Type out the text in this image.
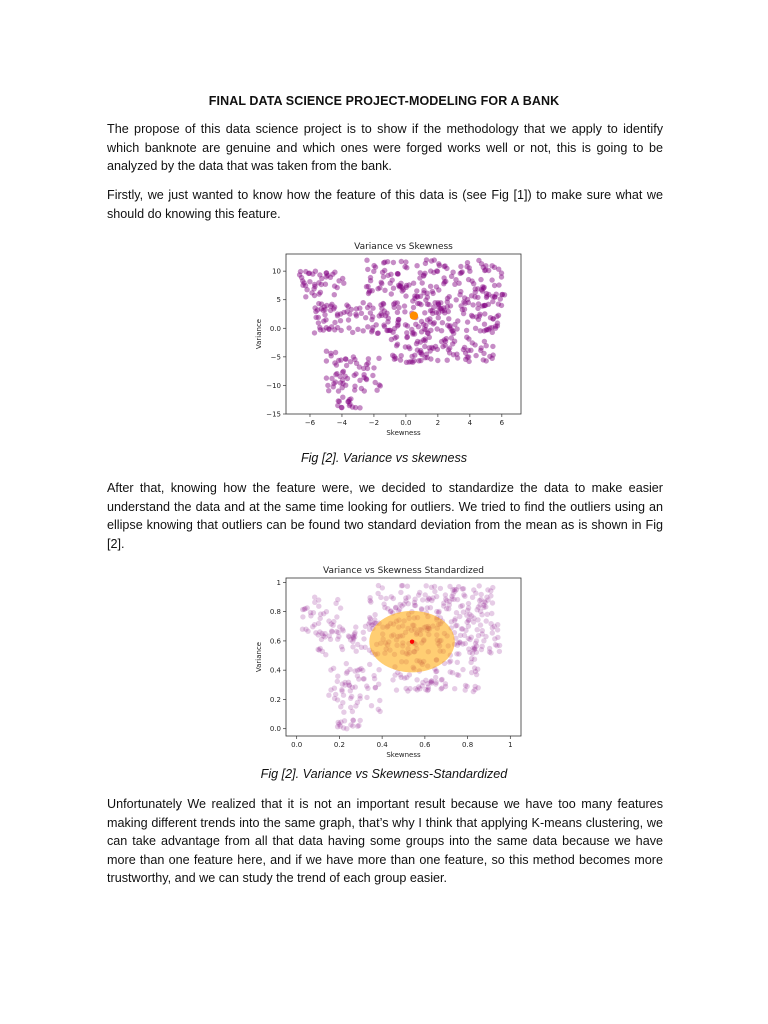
FINAL DATA SCIENCE PROJECT-MODELING FOR A BANK
The propose of this data science project is to show if the methodology that we apply to identify which banknote are genuine and which ones were forged works well or not, this is going to be analyzed by the data that was taken from the bank.
Firstly, we just wanted to know how the feature of this data is (see Fig [1]) to make sure what we should do knowing this feature.
Variance vs Skewness
−6	−4	−2	0.0	2	4	6
−15
−10
−5
0.0
5
10
Skewness
Variance
Fig [2]. Variance vs skewness
After that, knowing how the feature were, we decided to standardize the data to make easier understand the data and at the same time looking for outliers. We tried to find the outliers using an ellipse knowing that outliers can be found two standard deviation from the mean as is shown in Fig [2].
Variance vs Skewness Standardized
0.0	0.2	0.4	0.6	0.8	1
0.0
0.2
0.4
0.6
0.8
1
Skewness
Variance
Fig [2]. Variance vs Skewness-Standardized
Unfortunately We realized that it is not an important result because we have too many features making different trends into the same graph, that’s why I think that applying K-means clustering, we can take advantage from all that data having some groups into the same data because we have more than one feature here, and if we have more than one feature, so this method becomes more trustworthy, and we can study the trend of each group easier.
